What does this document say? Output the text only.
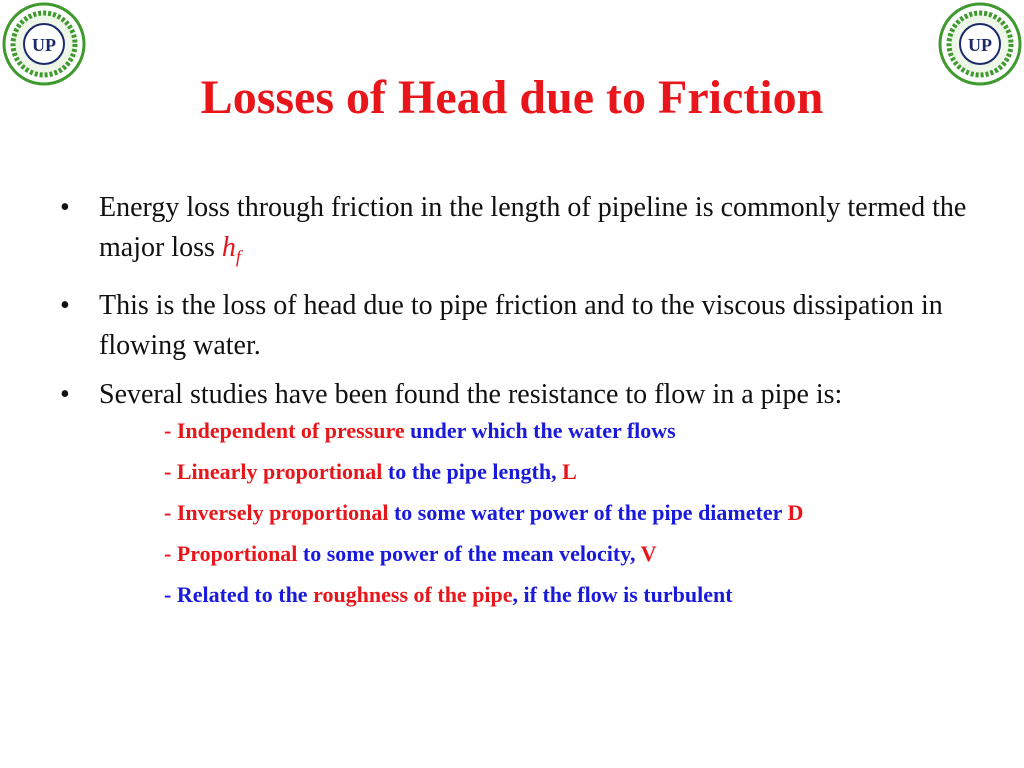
UP	UP
Losses of Head due to Friction
• Energy loss through friction in the length of pipeline is commonly termed the major loss $h_f$
• This is the loss of head due to pipe friction and to the viscous dissipation in flowing water.
• Several studies have been found the resistance to flow in a pipe is:
- Independent of pressure under which the water flows
- Linearly proportional to the pipe length, L
- Inversely proportional to some water power of the pipe diameter D
- Proportional to some power of the mean velocity, V
- Related to the roughness of the pipe, if the flow is turbulent
